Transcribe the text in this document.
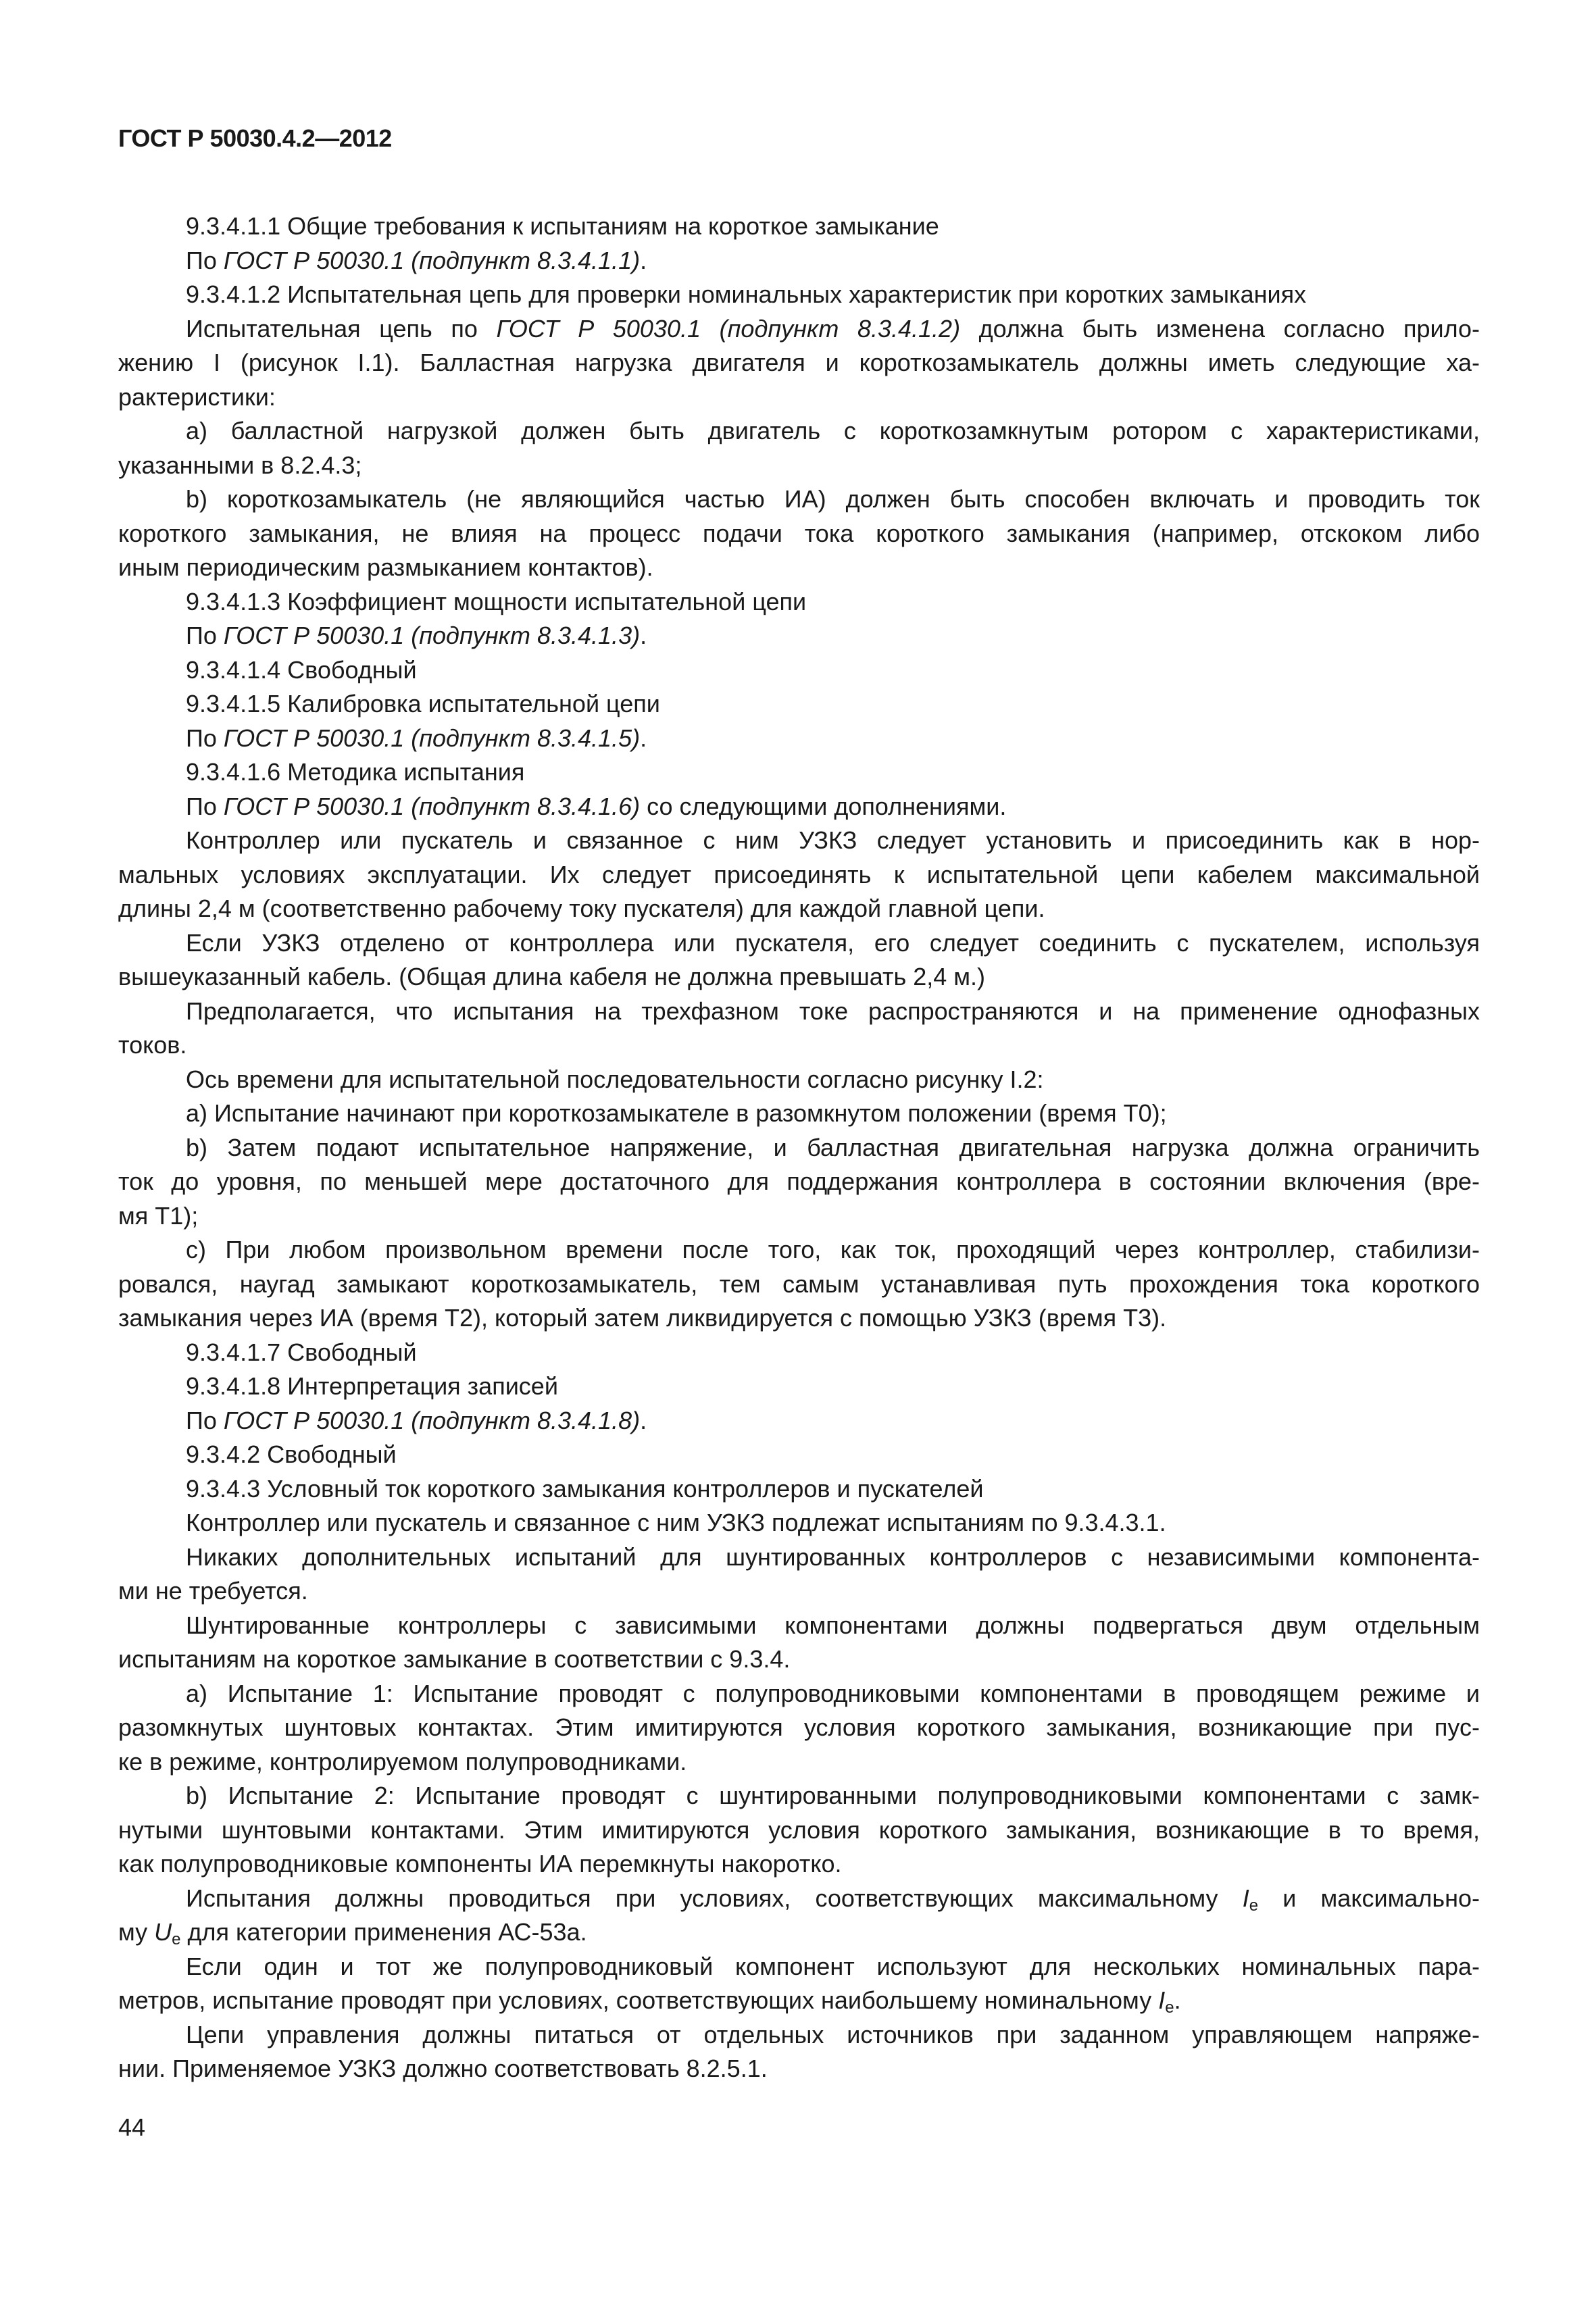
ГОСТ Р 50030.4.2—2012
9.3.4.1.1 Общие требования к испытаниям на короткое замыкание
По ГОСТ Р 50030.1 (подпункт 8.3.4.1.1).
9.3.4.1.2 Испытательная цепь для проверки номинальных характеристик при коротких замыканиях
Испытательная цепь по ГОСТ Р 50030.1 (подпункт 8.3.4.1.2) должна быть изменена согласно прило-
жению I (рисунок I.1). Балластная нагрузка двигателя и короткозамыкатель должны иметь следующие ха-
рактеристики:
a) балластной нагрузкой должен быть двигатель с короткозамкнутым ротором с характеристиками,
указанными в 8.2.4.3;
b) короткозамыкатель (не являющийся частью ИА) должен быть способен включать и проводить ток
короткого замыкания, не влияя на процесс подачи тока короткого замыкания (например, отскоком либо
иным периодическим размыканием контактов).
9.3.4.1.3 Коэффициент мощности испытательной цепи
По ГОСТ Р 50030.1 (подпункт 8.3.4.1.3).
9.3.4.1.4 Свободный
9.3.4.1.5 Калибровка испытательной цепи
По ГОСТ Р 50030.1 (подпункт 8.3.4.1.5).
9.3.4.1.6 Методика испытания
По ГОСТ Р 50030.1 (подпункт 8.3.4.1.6) со следующими дополнениями.
Контроллер или пускатель и связанное с ним УЗКЗ следует установить и присоединить как в нор-
мальных условиях эксплуатации. Их следует присоединять к испытательной цепи кабелем максимальной
длины 2,4 м (соответственно рабочему току пускателя) для каждой главной цепи.
Если УЗКЗ отделено от контроллера или пускателя, его следует соединить с пускателем, используя
вышеуказанный кабель. (Общая длина кабеля не должна превышать 2,4 м.)
Предполагается, что испытания на трехфазном токе распространяются и на применение однофазных
токов.
Ось времени для испытательной последовательности согласно рисунку I.2:
a) Испытание начинают при короткозамыкателе в разомкнутом положении (время T0);
b) Затем подают испытательное напряжение, и балластная двигательная нагрузка должна ограничить
ток до уровня, по меньшей мере достаточного для поддержания контроллера в состоянии включения (вре-
мя T1);
c) При любом произвольном времени после того, как ток, проходящий через контроллер, стабилизи-
ровался, наугад замыкают короткозамыкатель, тем самым устанавливая путь прохождения тока короткого
замыкания через ИА (время T2), который затем ликвидируется с помощью УЗКЗ (время T3).
9.3.4.1.7 Свободный
9.3.4.1.8 Интерпретация записей
По ГОСТ Р 50030.1 (подпункт 8.3.4.1.8).
9.3.4.2 Свободный
9.3.4.3 Условный ток короткого замыкания контроллеров и пускателей
Контроллер или пускатель и связанное с ним УЗКЗ подлежат испытаниям по 9.3.4.3.1.
Никаких дополнительных испытаний для шунтированных контроллеров с независимыми компонента-
ми не требуется.
Шунтированные контроллеры с зависимыми компонентами должны подвергаться двум отдельным
испытаниям на короткое замыкание в соответствии с 9.3.4.
a) Испытание 1: Испытание проводят с полупроводниковыми компонентами в проводящем режиме и
разомкнутых шунтовых контактах. Этим имитируются условия короткого замыкания, возникающие при пус-
ке в режиме, контролируемом полупроводниками.
b) Испытание 2: Испытание проводят с шунтированными полупроводниковыми компонентами с замк-
нутыми шунтовыми контактами. Этим имитируются условия короткого замыкания, возникающие в то время,
как полупроводниковые компоненты ИА перемкнуты накоротко.
Испытания должны проводиться при условиях, соответствующих максимальному $I_e$ и максимально-
му $U_e$ для категории применения АС-53а.
Если один и тот же полупроводниковый компонент используют для нескольких номинальных пара-
метров, испытание проводят при условиях, соответствующих наибольшему номинальному $I_e$.
Цепи управления должны питаться от отдельных источников при заданном управляющем напряже-
нии. Применяемое УЗКЗ должно соответствовать 8.2.5.1.
44
